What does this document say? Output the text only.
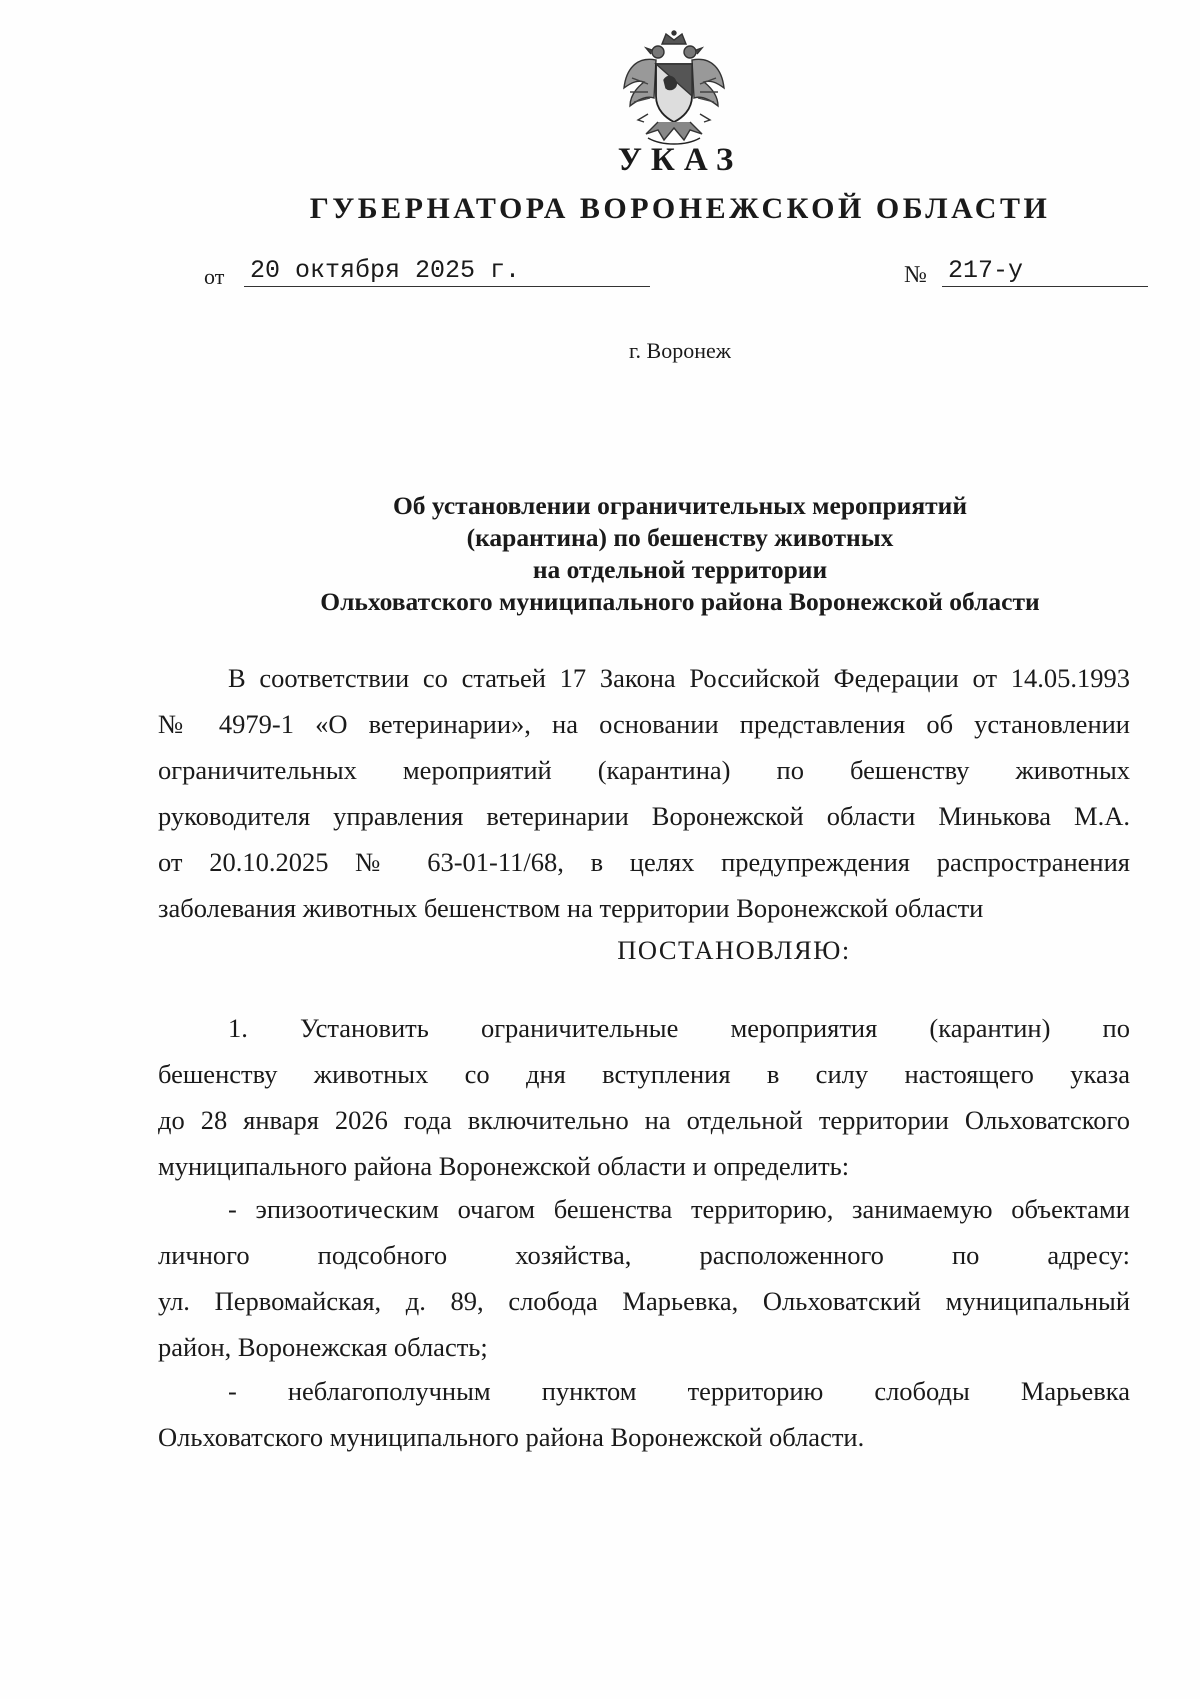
УКАЗ
ГУБЕРНАТОРА ВОРОНЕЖСКОЙ ОБЛАСТИ
от 20 октября 2025 г.	№ 217-у
г. Воронеж
Об установлении ограничительных мероприятий
(карантина) по бешенству животных
на отдельной территории
Ольховатского муниципального района Воронежской области
В соответствии со статьей 17 Закона Российской Федерации от 14.05.1993
№ 4979-1 «О ветеринарии», на основании представления об установлении
ограничительных мероприятий (карантина) по бешенству животных
руководителя управления ветеринарии Воронежской области Минькова М.А.
от 20.10.2025 № 63-01-11/68, в целях предупреждения распространения
заболевания животных бешенством на территории Воронежской области
ПОСТАНОВЛЯЮ:
1. Установить ограничительные мероприятия (карантин) по
бешенству животных со дня вступления в силу настоящего указа
до 28 января 2026 года включительно на отдельной территории Ольховатского
муниципального района Воронежской области и определить:
- эпизоотическим очагом бешенства территорию, занимаемую объектами
личного подсобного хозяйства, расположенного по адресу:
ул. Первомайская, д. 89, слобода Марьевка, Ольховатский муниципальный
район, Воронежская область;
- неблагополучным пунктом территорию слободы Марьевка
Ольховатского муниципального района Воронежской области.
